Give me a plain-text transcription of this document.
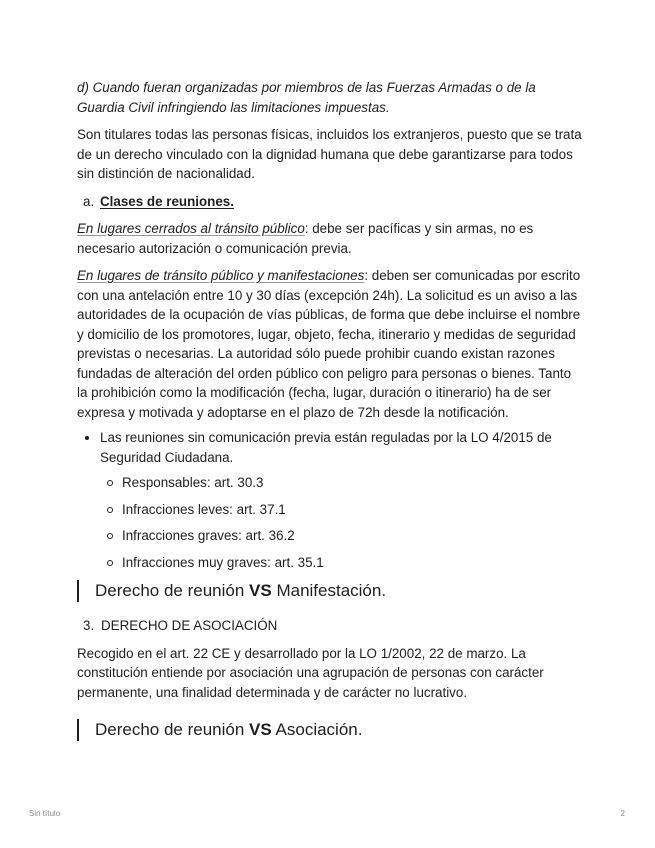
d) Cuando fueran organizadas por miembros de las Fuerzas Armadas o de la Guardia Civil infringiendo las limitaciones impuestas.

Son titulares todas las personas físicas, incluidos los extranjeros, puesto que se trata de un derecho vinculado con la dignidad humana que debe garantizarse para todos sin distinción de nacionalidad.

a. Clases de reuniones.

En lugares cerrados al tránsito público: debe ser pacíficas y sin armas, no es necesario autorización o comunicación previa.

En lugares de tránsito público y manifestaciones: deben ser comunicadas por escrito con una antelación entre 10 y 30 días (excepción 24h). La solicitud es un aviso a las autoridades de la ocupación de vías públicas, de forma que debe incluirse el nombre y domicilio de los promotores, lugar, objeto, fecha, itinerario y medidas de seguridad previstas o necesarias. La autoridad sólo puede prohibir cuando existan razones fundadas de alteración del orden público con peligro para personas o bienes. Tanto la prohibición como la modificación (fecha, lugar, duración o itinerario) ha de ser expresa y motivada y adoptarse en el plazo de 72h desde la notificación.

Las reuniones sin comunicación previa están reguladas por la LO 4/2015 de Seguridad Ciudadana.
Responsables: art. 30.3
Infracciones leves: art. 37.1
Infracciones graves: art. 36.2
Infracciones muy graves: art. 35.1
Derecho de reunión VS Manifestación.
3. DERECHO DE ASOCIACIÓN

Recogido en el art. 22 CE y desarrollado por la LO 1/2002, 22 de marzo. La constitución entiende por asociación una agrupación de personas con carácter permanente, una finalidad determinada y de carácter no lucrativo.

Derecho de reunión VS Asociación.
Sin título	2
